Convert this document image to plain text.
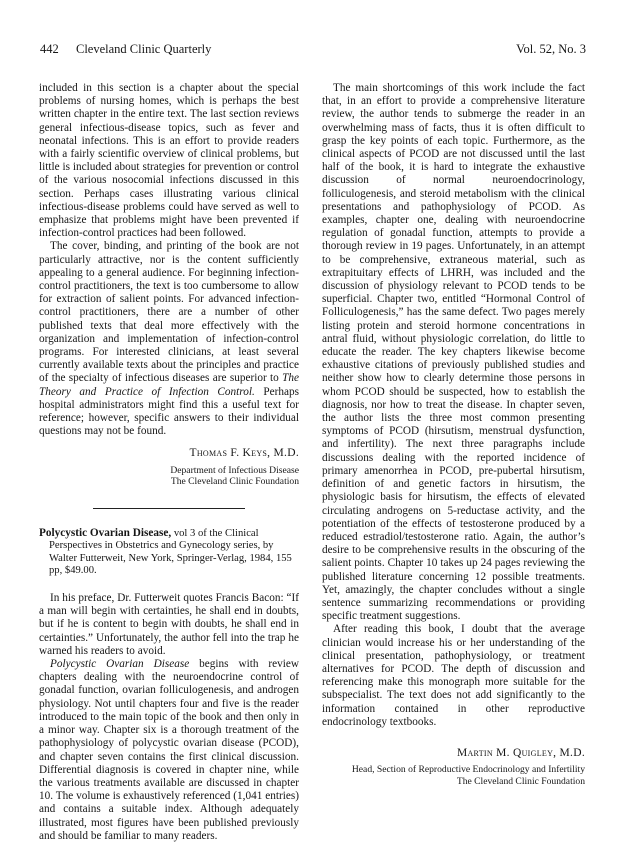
442 Cleveland Clinic Quarterly	Vol. 52, No. 3

included in this section is a chapter about the special problems of nursing homes, which is perhaps the best written chapter in the entire text. The last section reviews general infectious-disease topics, such as fever and neonatal infections. This is an effort to provide readers with a fairly scientific overview of clinical problems, but little is included about strategies for prevention or control of the various nosocomial infections discussed in this section. Perhaps cases illustrating various clinical infectious-disease problems could have served as well to emphasize that problems might have been prevented if infection-control practices had been followed.

The cover, binding, and printing of the book are not particularly attractive, nor is the content sufficiently appealing to a general audience. For beginning infection-control practitioners, the text is too cumbersome to allow for extraction of salient points. For advanced infection-control practitioners, there are a number of other published texts that deal more effectively with the organization and implementation of infection-control programs. For interested clinicians, at least several currently available texts about the principles and practice of the specialty of infectious diseases are superior to The Theory and Practice of Infection Control. Perhaps hospital administrators might find this a useful text for reference; however, specific answers to their individual questions may not be found.

Thomas F. Keys, M.D.
Department of Infectious Disease
The Cleveland Clinic Foundation

Polycystic Ovarian Disease, vol 3 of the Clinical Perspectives in Obstetrics and Gynecology series, by Walter Futterweit, New York, Springer-Verlag, 1984, 155 pp, $49.00.

In his preface, Dr. Futterweit quotes Francis Bacon: “If a man will begin with certainties, he shall end in doubts, but if he is content to begin with doubts, he shall end in certainties.” Unfortunately, the author fell into the trap he warned his readers to avoid.

Polycystic Ovarian Disease begins with review chapters dealing with the neuroendocrine control of gonadal function, ovarian folliculogenesis, and androgen physiology. Not until chapters four and five is the reader introduced to the main topic of the book and then only in a minor way. Chapter six is a thorough treatment of the pathophysiology of polycystic ovarian disease (PCOD), and chapter seven contains the first clinical discussion. Differential diagnosis is covered in chapter nine, while the various treatments available are discussed in chapter 10. The volume is exhaustively referenced (1,041 entries) and contains a suitable index. Although adequately illustrated, most figures have been published previously and should be familiar to many readers.

The main shortcomings of this work include the fact that, in an effort to provide a comprehensive literature review, the author tends to submerge the reader in an overwhelming mass of facts, thus it is often difficult to grasp the key points of each topic. Furthermore, as the clinical aspects of PCOD are not discussed until the last half of the book, it is hard to integrate the exhaustive discussion of normal neuroendocrinology, folliculogenesis, and steroid metabolism with the clinical presentations and pathophysiology of PCOD. As examples, chapter one, dealing with neuroendocrine regulation of gonadal function, attempts to provide a thorough review in 19 pages. Unfortunately, in an attempt to be comprehensive, extraneous material, such as extrapituitary effects of LHRH, was included and the discussion of physiology relevant to PCOD tends to be superficial. Chapter two, entitled “Hormonal Control of Folliculogenesis,” has the same defect. Two pages merely listing protein and steroid hormone concentrations in antral fluid, without physiologic correlation, do little to educate the reader. The key chapters likewise become exhaustive citations of previously published studies and neither show how to clearly determine those persons in whom PCOD should be suspected, how to establish the diagnosis, nor how to treat the disease. In chapter seven, the author lists the three most common presenting symptoms of PCOD (hirsutism, menstrual dysfunction, and infertility). The next three paragraphs include discussions dealing with the reported incidence of primary amenorrhea in PCOD, pre-pubertal hirsutism, definition of and genetic factors in hirsutism, the physiologic basis for hirsutism, the effects of elevated circulating androgens on 5-reductase activity, and the potentiation of the effects of testosterone produced by a reduced estradiol/testosterone ratio. Again, the author’s desire to be comprehensive results in the obscuring of the salient points. Chapter 10 takes up 24 pages reviewing the published literature concerning 12 possible treatments. Yet, amazingly, the chapter concludes without a single sentence summarizing recommendations or providing specific treatment suggestions.

After reading this book, I doubt that the average clinician would increase his or her understanding of the clinical presentation, pathophysiology, or treatment alternatives for PCOD. The depth of discussion and referencing make this monograph more suitable for the subspecialist. The text does not add significantly to the information contained in other reproductive endocrinology textbooks.

Martin M. Quigley, M.D.
Head, Section of Reproductive Endocrinology and Infertility
The Cleveland Clinic Foundation
